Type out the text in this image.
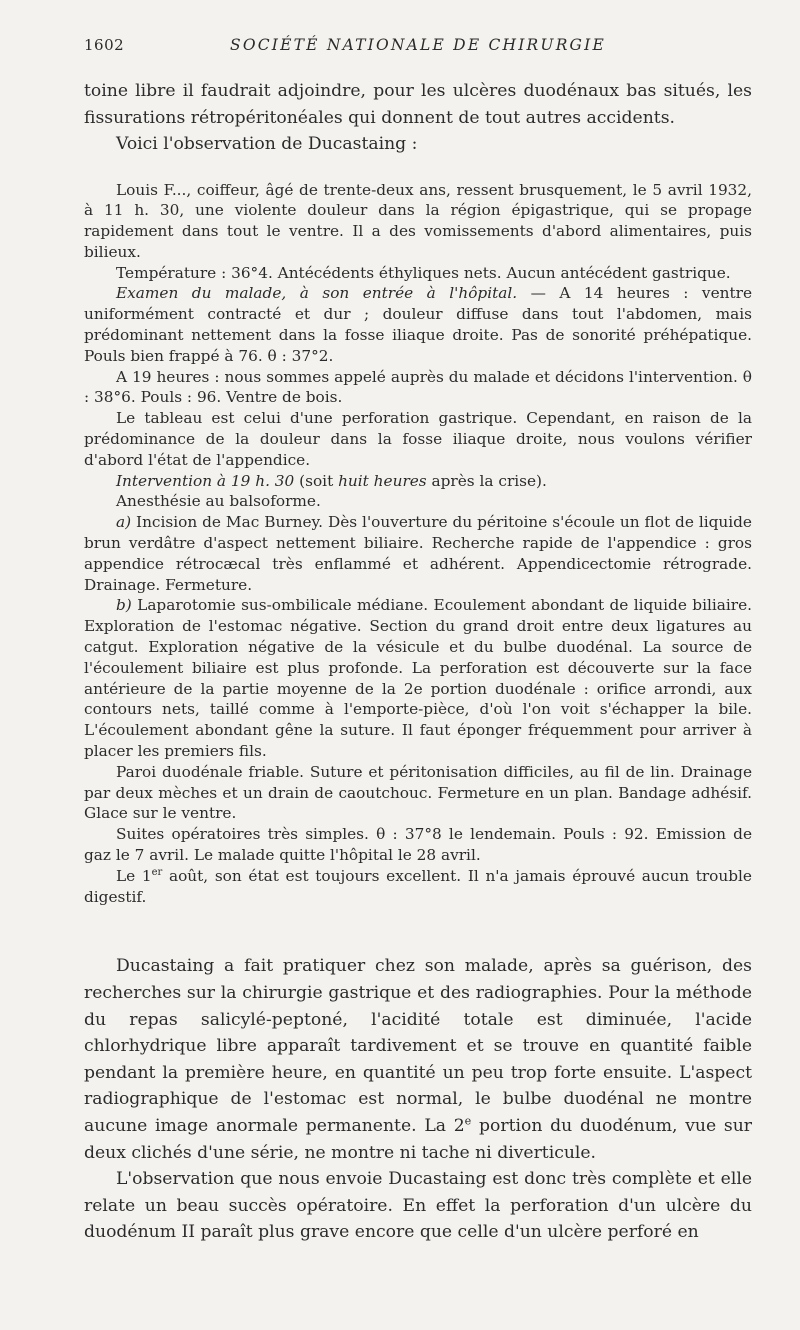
1602	SOCIÉTÉ NATIONALE DE CHIRURGIE

toine libre il faudrait adjoindre, pour les ulcères duodénaux bas situés, les fissurations rétropéritonéales qui donnent de tout autres accidents.

Voici l'observation de Ducastaing :

Louis F..., coiffeur, âgé de trente-deux ans, ressent brusquement, le 5 avril 1932, à 11 h. 30, une violente douleur dans la région épigastrique, qui se propage rapidement dans tout le ventre. Il a des vomissements d'abord alimentaires, puis bilieux.

Température : 36°4. Antécédents éthyliques nets. Aucun antécédent gastrique.

Examen du malade, à son entrée à l'hôpital. — A 14 heures : ventre uniformément contracté et dur ; douleur diffuse dans tout l'abdomen, mais prédominant nettement dans la fosse iliaque droite. Pas de sonorité préhépatique. Pouls bien frappé à 76. θ : 37°2.

A 19 heures : nous sommes appelé auprès du malade et décidons l'intervention. θ : 38°6. Pouls : 96. Ventre de bois.

Le tableau est celui d'une perforation gastrique. Cependant, en raison de la prédominance de la douleur dans la fosse iliaque droite, nous voulons vérifier d'abord l'état de l'appendice.

Intervention à 19 h. 30 (soit huit heures après la crise).

Anesthésie au balsoforme.

a) Incision de Mac Burney. Dès l'ouverture du péritoine s'écoule un flot de liquide brun verdâtre d'aspect nettement biliaire. Recherche rapide de l'appendice : gros appendice rétrocæcal très enflammé et adhérent. Appendicectomie rétrograde. Drainage. Fermeture.

b) Laparotomie sus-ombilicale médiane. Ecoulement abondant de liquide biliaire. Exploration de l'estomac négative. Section du grand droit entre deux ligatures au catgut. Exploration négative de la vésicule et du bulbe duodénal. La source de l'écoulement biliaire est plus profonde. La perforation est découverte sur la face antérieure de la partie moyenne de la 2e portion duodénale : orifice arrondi, aux contours nets, taillé comme à l'emporte-pièce, d'où l'on voit s'échapper la bile. L'écoulement abondant gêne la suture. Il faut éponger fréquemment pour arriver à placer les premiers fils.

Paroi duodénale friable. Suture et péritonisation difficiles, au fil de lin. Drainage par deux mèches et un drain de caoutchouc. Fermeture en un plan. Bandage adhésif. Glace sur le ventre.

Suites opératoires très simples. θ : 37°8 le lendemain. Pouls : 92. Emission de gaz le 7 avril. Le malade quitte l'hôpital le 28 avril.

Le 1er août, son état est toujours excellent. Il n'a jamais éprouvé aucun trouble digestif.

Ducastaing a fait pratiquer chez son malade, après sa guérison, des recherches sur la chirurgie gastrique et des radiographies. Pour la méthode du repas salicylé-peptoné, l'acidité totale est diminuée, l'acide chlorhydrique libre apparaît tardivement et se trouve en quantité faible pendant la première heure, en quantité un peu trop forte ensuite. L'aspect radiographique de l'estomac est normal, le bulbe duodénal ne montre aucune image anormale permanente. La 2e portion du duodénum, vue sur deux clichés d'une série, ne montre ni tache ni diverticule.

L'observation que nous envoie Ducastaing est donc très complète et elle relate un beau succès opératoire. En effet la perforation d'un ulcère du duodénum II paraît plus grave encore que celle d'un ulcère perforé en
